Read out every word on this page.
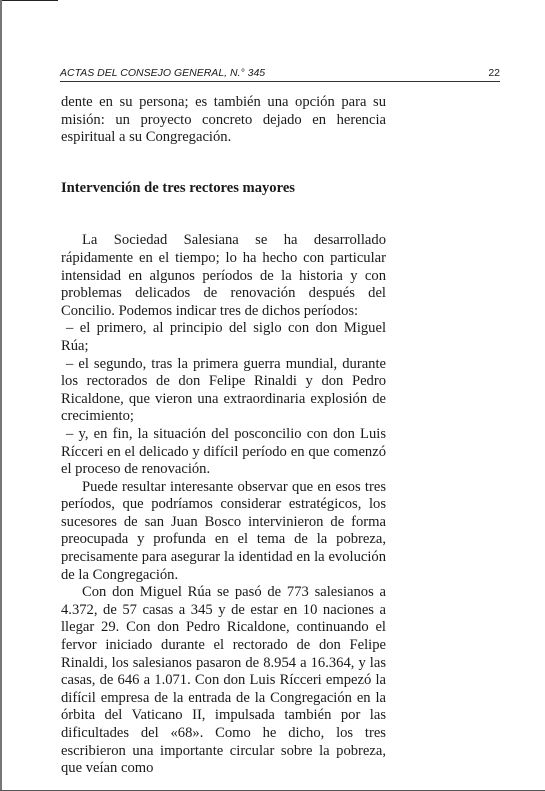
ACTAS DEL CONSEJO GENERAL, N.° 345	22

dente en su persona; es también una opción para su misión: un proyecto concreto dejado en herencia espiritual a su Congregación.

Intervención de tres rectores mayores

La Sociedad Salesiana se ha desarrollado rápidamente en el tiempo; lo ha hecho con particular intensidad en algunos períodos de la historia y con problemas delicados de renovación después del Concilio. Podemos indicar tres de dichos períodos:

– el primero, al principio del siglo con don Miguel Rúa;

– el segundo, tras la primera guerra mundial, durante los rectorados de don Felipe Rinaldi y don Pedro Ricaldone, que vieron una extraordinaria explosión de crecimiento;

– y, en fin, la situación del posconcilio con don Luis Rícceri en el delicado y difícil período en que comenzó el proceso de renovación.

Puede resultar interesante observar que en esos tres períodos, que podríamos considerar estratégicos, los sucesores de san Juan Bosco intervinieron de forma preocupada y profunda en el tema de la pobreza, precisamente para asegurar la identidad en la evolución de la Congregación.

Con don Miguel Rúa se pasó de 773 salesianos a 4.372, de 57 casas a 345 y de estar en 10 naciones a llegar 29. Con don Pedro Ricaldone, continuando el fervor iniciado durante el rectorado de don Felipe Rinaldi, los salesianos pasaron de 8.954 a 16.364, y las casas, de 646 a 1.071. Con don Luis Rícceri empezó la difícil empresa de la entrada de la Congregación en la órbita del Vaticano II, impulsada también por las dificultades del «68». Como he dicho, los tres escribieron una importante circular sobre la pobreza, que veían como
